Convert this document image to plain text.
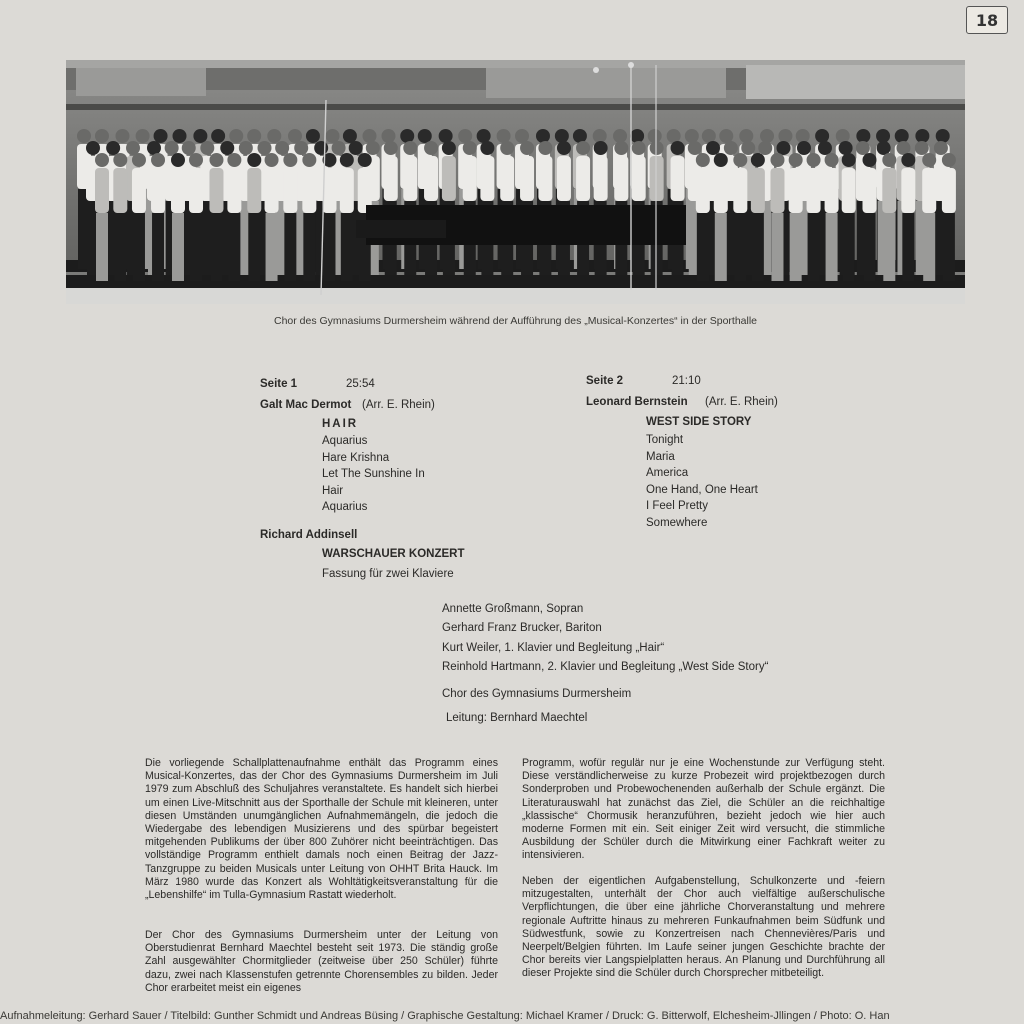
18
Chor des Gymnasiums Durmersheim während der Aufführung des „Musical-Konzertes“ in der Sporthalle
Seite 1	25:54
Galt Mac Dermot (Arr. E. Rhein)
HAIR
Aquarius
Hare Krishna
Let The Sunshine In
Hair
Aquarius
Richard Addinsell
WARSCHAUER KONZERT
Fassung für zwei Klaviere
Seite 2	21:10
Leonard Bernstein (Arr. E. Rhein)
WEST SIDE STORY
Tonight
Maria
America
One Hand, One Heart
I Feel Pretty
Somewhere
Annette Großmann, Sopran
Gerhard Franz Brucker, Bariton
Kurt Weiler, 1. Klavier und Begleitung „Hair“
Reinhold Hartmann, 2. Klavier und Begleitung „West Side Story“
Chor des Gymnasiums Durmersheim
Leitung: Bernhard Maechtel

Die vorliegende Schallplattenaufnahme enthält das Programm eines Musical-Konzertes, das der Chor des Gymnasiums Durmersheim im Juli 1979 zum Abschluß des Schuljahres veranstaltete. Es handelt sich hierbei um einen Live-Mitschnitt aus der Sporthalle der Schule mit kleineren, unter diesen Umständen unumgänglichen Aufnahmemängeln, die jedoch die Wiedergabe des lebendigen Musizierens und des spürbar begeistert mitgehenden Publikums der über 800 Zuhörer nicht beeinträchtigen. Das vollständige Programm enthielt damals noch einen Beitrag der Jazz-Tanzgruppe zu beiden Musicals unter Leitung von OHHT Brita Hauck. Im März 1980 wurde das Konzert als Wohltätigkeitsveranstaltung für die „Lebenshilfe“ im Tulla-Gymnasium Rastatt wiederholt.

Der Chor des Gymnasiums Durmersheim unter der Leitung von Oberstudienrat Bernhard Maechtel besteht seit 1973. Die ständig große Zahl ausgewählter Chormitglieder (zeitweise über 250 Schüler) führte dazu, zwei nach Klassenstufen getrennte Chorensembles zu bilden. Jeder Chor erarbeitet meist ein eigenes

Programm, wofür regulär nur je eine Wochenstunde zur Verfügung steht. Diese verständlicherweise zu kurze Probezeit wird projektbezogen durch Sonderproben und Probewochenenden außerhalb der Schule ergänzt. Die Literaturauswahl hat zunächst das Ziel, die Schüler an die reichhaltige „klassische“ Chormusik heranzuführen, bezieht jedoch wie hier auch moderne Formen mit ein. Seit einiger Zeit wird versucht, die stimmliche Ausbildung der Schüler durch die Mitwirkung einer Fachkraft weiter zu intensivieren.

Neben der eigentlichen Aufgabenstellung, Schulkonzerte und -feiern mitzugestalten, unterhält der Chor auch vielfältige außerschulische Verpflichtungen, die über eine jährliche Chorveranstaltung und mehrere regionale Auftritte hinaus zu mehreren Funkaufnahmen beim Südfunk und Südwestfunk, sowie zu Konzertreisen nach Chennevières/Paris und Neerpelt/Belgien führten. Im Laufe seiner jungen Geschichte brachte der Chor bereits vier Langspielplatten heraus. An Planung und Durchführung all dieser Projekte sind die Schüler durch Chorsprecher mitbeteiligt.

Aufnahmeleitung: Gerhard Sauer / Titelbild: Gunther Schmidt und Andreas Büsing / Graphische Gestaltung: Michael Kramer / Druck: G. Bitterwolf, Elchesheim-Jllingen / Photo: O. Han
